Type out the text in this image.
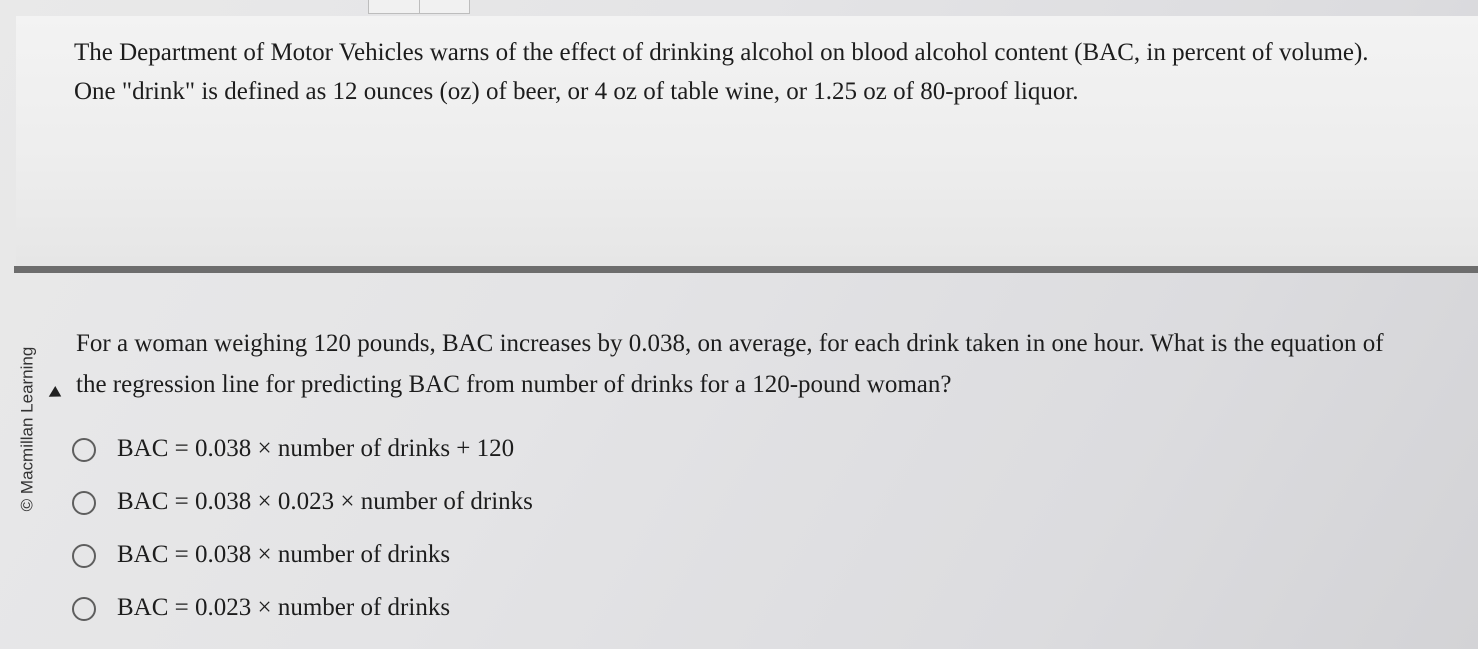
The Department of Motor Vehicles warns of the effect of drinking alcohol on blood alcohol content (BAC, in percent of volume). One "drink" is defined as 12 ounces (oz) of beer, or 4 oz of table wine, or 1.25 oz of 80-proof liquor.
© Macmillan Learning
For a woman weighing 120 pounds, BAC increases by 0.038, on average, for each drink taken in one hour. What is the equation of the regression line for predicting BAC from number of drinks for a 120-pound woman?
BAC = 0.038 × number of drinks + 120
BAC = 0.038 × 0.023 × number of drinks
BAC = 0.038 × number of drinks
BAC = 0.023 × number of drinks
